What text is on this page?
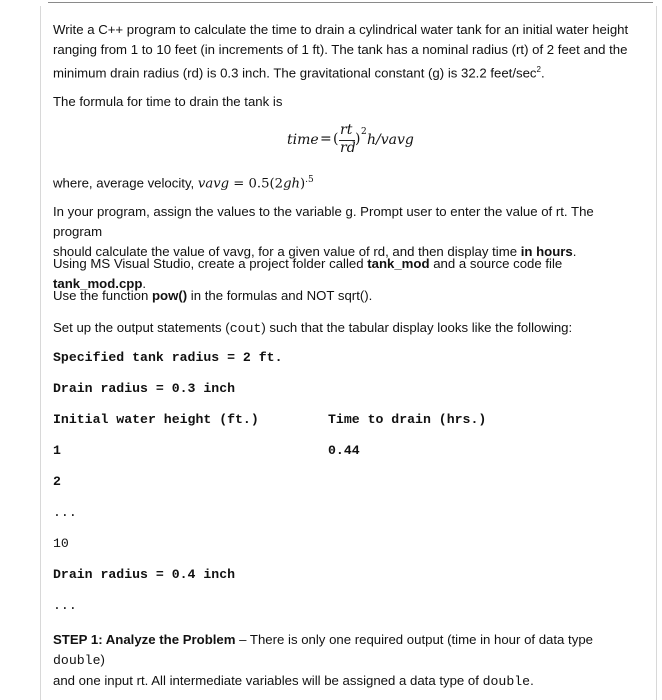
Write a C++ program to calculate the time to drain a cylindrical water tank for an initial water height
ranging from 1 to 10 feet (in increments of 1 ft). The tank has a nominal radius (rt) of 2 feet and the
minimum drain radius (rd) is 0.3 inch. The gravitational constant (g) is 32.2 feet/$\sec^2$.

The formula for time to drain the tank is

time = (
rt
rd
) 2 h/vavg

where, average velocity, vavg = $0.5(2gh)^{.5}$

In your program, assign the values to the variable g. Prompt user to enter the value of rt. The program
should calculate the value of vavg, for a given value of rd, and then display time in hours.

Using MS Visual Studio, create a project folder called tank_mod and a source code file tank_mod.cpp.

Use the function pow() in the formulas and NOT sqrt().

Set up the output statements (cout) such that the tabular display looks like the following:

Specified tank radius = 2 ft.
Drain radius = 0.3 inch
Initial water height (ft.)	Time to drain (hrs.)
1	0.44
2
...
10
Drain radius = 0.4 inch
...

STEP 1: Analyze the Problem – There is only one required output (time in hour of data type double)
and one input rt. All intermediate variables will be assigned a data type of double.
